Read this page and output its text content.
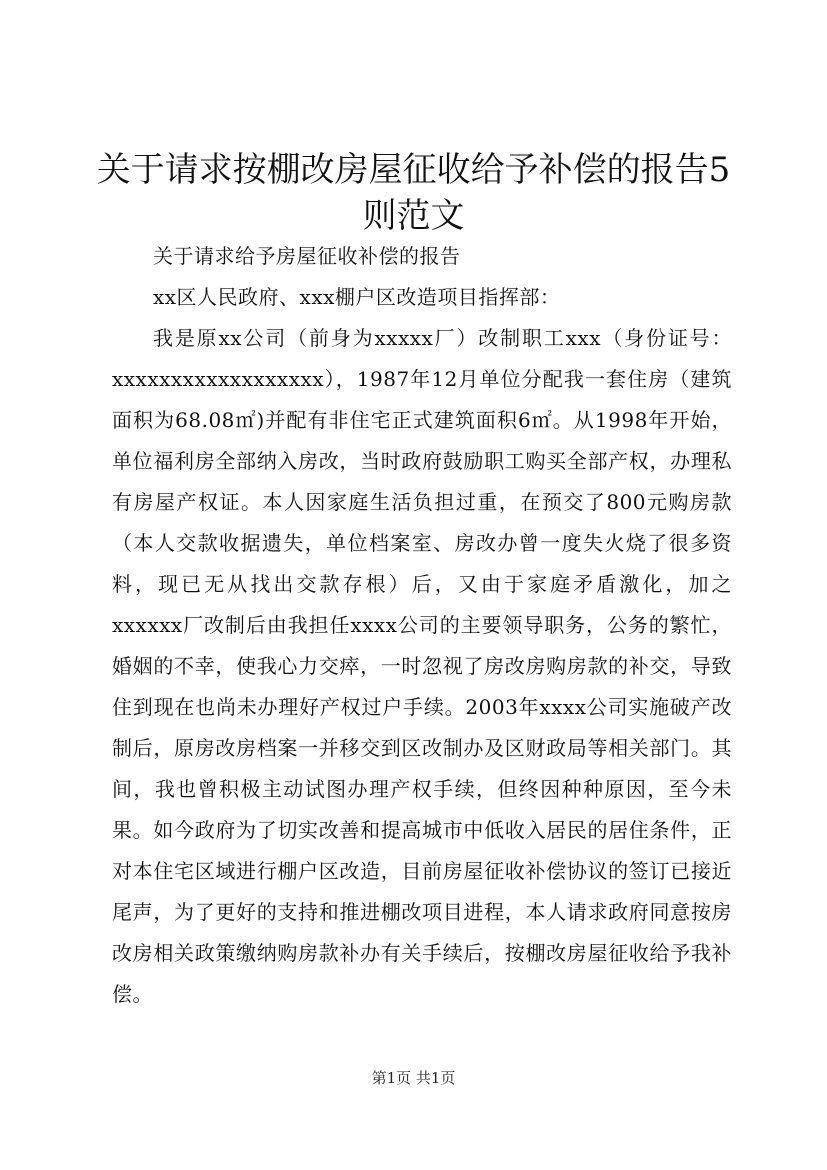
关于请求按棚改房屋征收给予补偿的报告5则范文

关于请求给予房屋征收补偿的报告

xx区人民政府、xxx棚户区改造项目指挥部：

我是原xx公司（前身为xxxxx厂）改制职工xxx（身份证号：xxxxxxxxxxxxxxxxxx），1987年12月单位分配我一套住房（建筑面积为68.08㎡)并配有非住宅正式建筑面积6㎡。从1998年开始，单位福利房全部纳入房改，当时政府鼓励职工购买全部产权，办理私有房屋产权证。本人因家庭生活负担过重，在预交了800元购房款（本人交款收据遗失，单位档案室、房改办曾一度失火烧了很多资料，现已无从找出交款存根）后，又由于家庭矛盾激化，加之xxxxxx厂改制后由我担任xxxx公司的主要领导职务，公务的繁忙，婚姻的不幸，使我心力交瘁，一时忽视了房改房购房款的补交，导致住到现在也尚未办理好产权过户手续。2003年xxxx公司实施破产改制后，原房改房档案一并移交到区改制办及区财政局等相关部门。其间，我也曾积极主动试图办理产权手续，但终因种种原因，至今未果。如今政府为了切实改善和提高城市中低收入居民的居住条件，正对本住宅区域进行棚户区改造，目前房屋征收补偿协议的签订已接近尾声，为了更好的支持和推进棚改项目进程，本人请求政府同意按房改房相关政策缴纳购房款补办有关手续后，按棚改房屋征收给予我补偿。

第1页 共1页
